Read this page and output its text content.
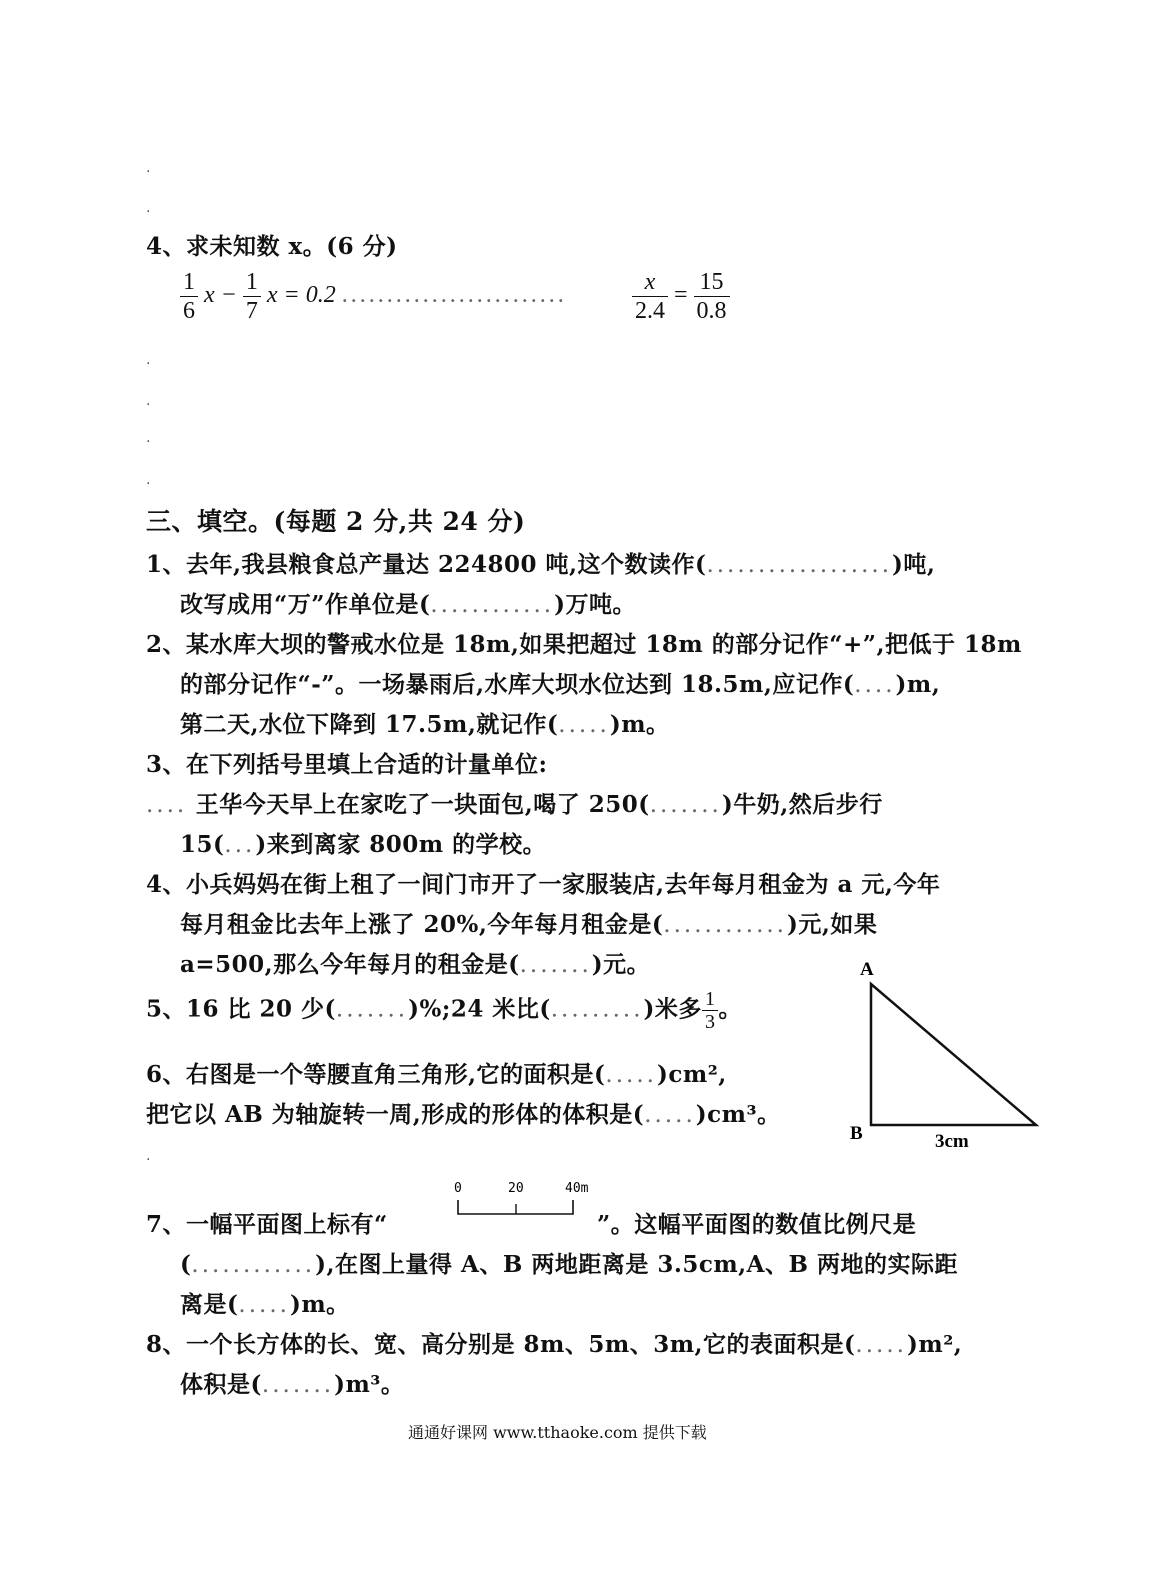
.
.
.
.
.
.
.
4、求未知数 x。(6 分)
$\frac{1}{6}$ $x - \frac{1}{7}$ x = 0.2 .........................	$\frac{x}{2.4} = \frac{15}{0.8}$
三、填空。(每题 2 分,共 24 分)
1、去年,我县粮食总产量达 224800 吨,这个数读作(..................)吨,
改写成用“万”作单位是(............)万吨。
2、某水库大坝的警戒水位是 18m,如果把超过 18m 的部分记作“+”,把低于 18m
的部分记作“-”。一场暴雨后,水库大坝水位达到 18.5m,应记作(....)m,
第二天,水位下降到 17.5m,就记作(.....)m。
3、在下列括号里填上合适的计量单位:
.... 王华今天早上在家吃了一块面包,喝了 250(.......)牛奶,然后步行
15(...)来到离家 800m 的学校。
4、小兵妈妈在街上租了一间门市开了一家服装店,去年每月租金为 a 元,今年
每月租金比去年上涨了 20%,今年每月租金是(............)元,如果
a=500,那么今年每月的租金是(.......)元。
5、16 比 20 少(.......)%;24 米比(.........)米多 $\frac{1}{3}$ 。
6、右图是一个等腰直角三角形,它的面积是(.....)cm²,
把它以 AB 为轴旋转一周,形成的形体的体积是(.....)cm³。
A
B	3cm
0	20	40m
7、一幅平面图上标有“	”。这幅平面图的数值比例尺是
(............),在图上量得 A、B 两地距离是 3.5cm,A、B 两地的实际距
离是(.....)m。
8、一个长方体的长、宽、高分别是 8m、5m、3m,它的表面积是(.....)m²,
体积是(.......)m³。
通通好课网 www.tthaoke.com 提供下载
